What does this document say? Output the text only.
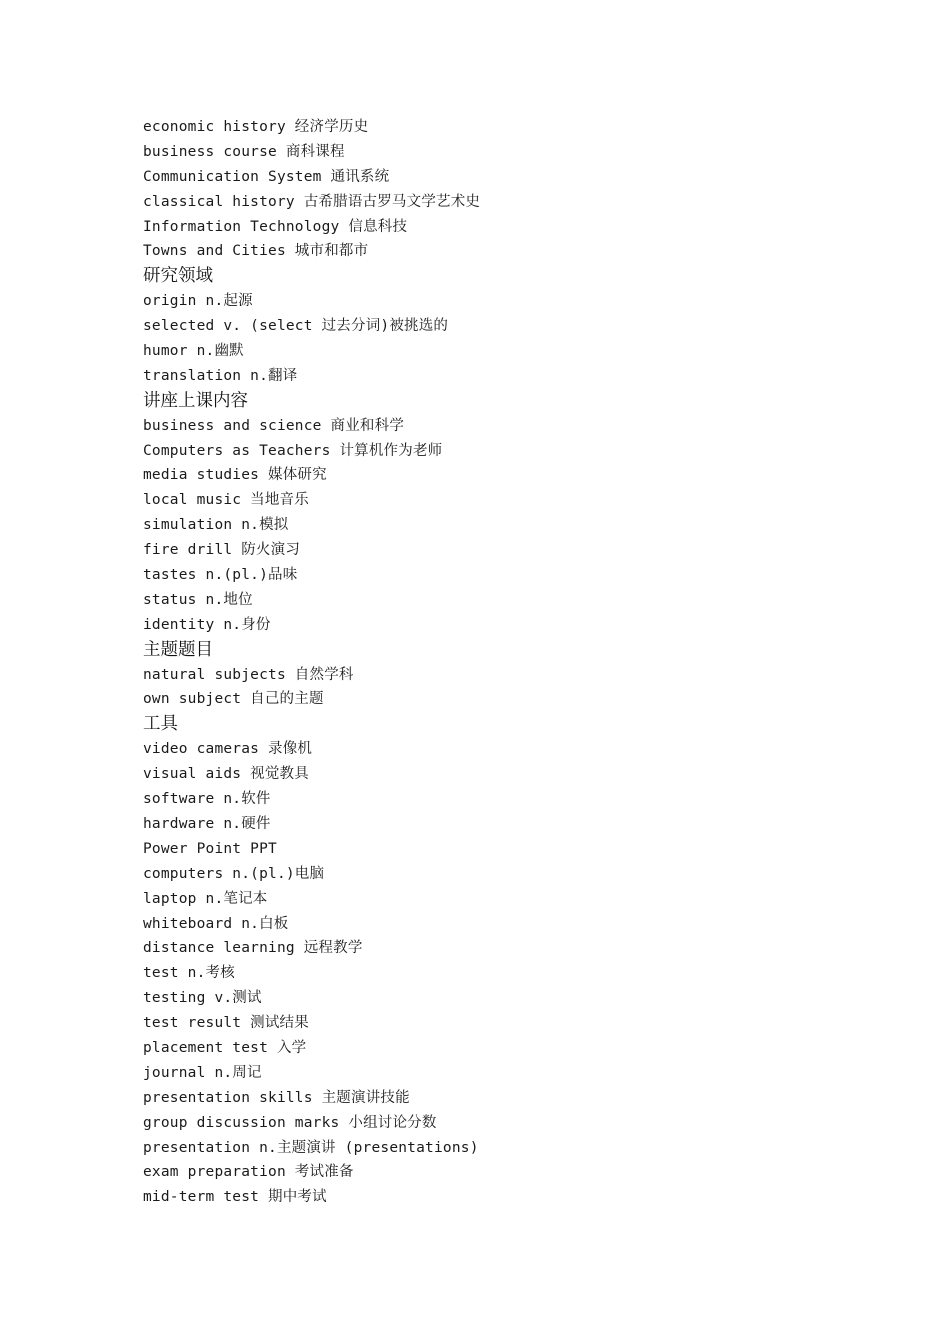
economic history 经济学历史
business course 商科课程
Communication System 通讯系统
classical history 古希腊语古罗马文学艺术史
Information Technology 信息科技
Towns and Cities 城市和都市
研究领域
origin n.起源
selected v. (select 过去分词)被挑选的
humor n.幽默
translation n.翻译
讲座上课内容
business and science 商业和科学
Computers as Teachers 计算机作为老师
media studies 媒体研究
local music 当地音乐
simulation n.模拟
fire drill 防火演习
tastes n.(pl.)品味
status n.地位
identity n.身份
主题题目
natural subjects 自然学科
own subject 自己的主题
工具
video cameras 录像机
visual aids 视觉教具
software n.软件
hardware n.硬件
Power Point PPT
computers n.(pl.)电脑
laptop n.笔记本
whiteboard n.白板
distance learning 远程教学
test n.考核
testing v.测试
test result 测试结果
placement test 入学
journal n.周记
presentation skills 主题演讲技能
group discussion marks 小组讨论分数
presentation n.主题演讲 (presentations)
exam preparation 考试准备
mid-term test 期中考试
